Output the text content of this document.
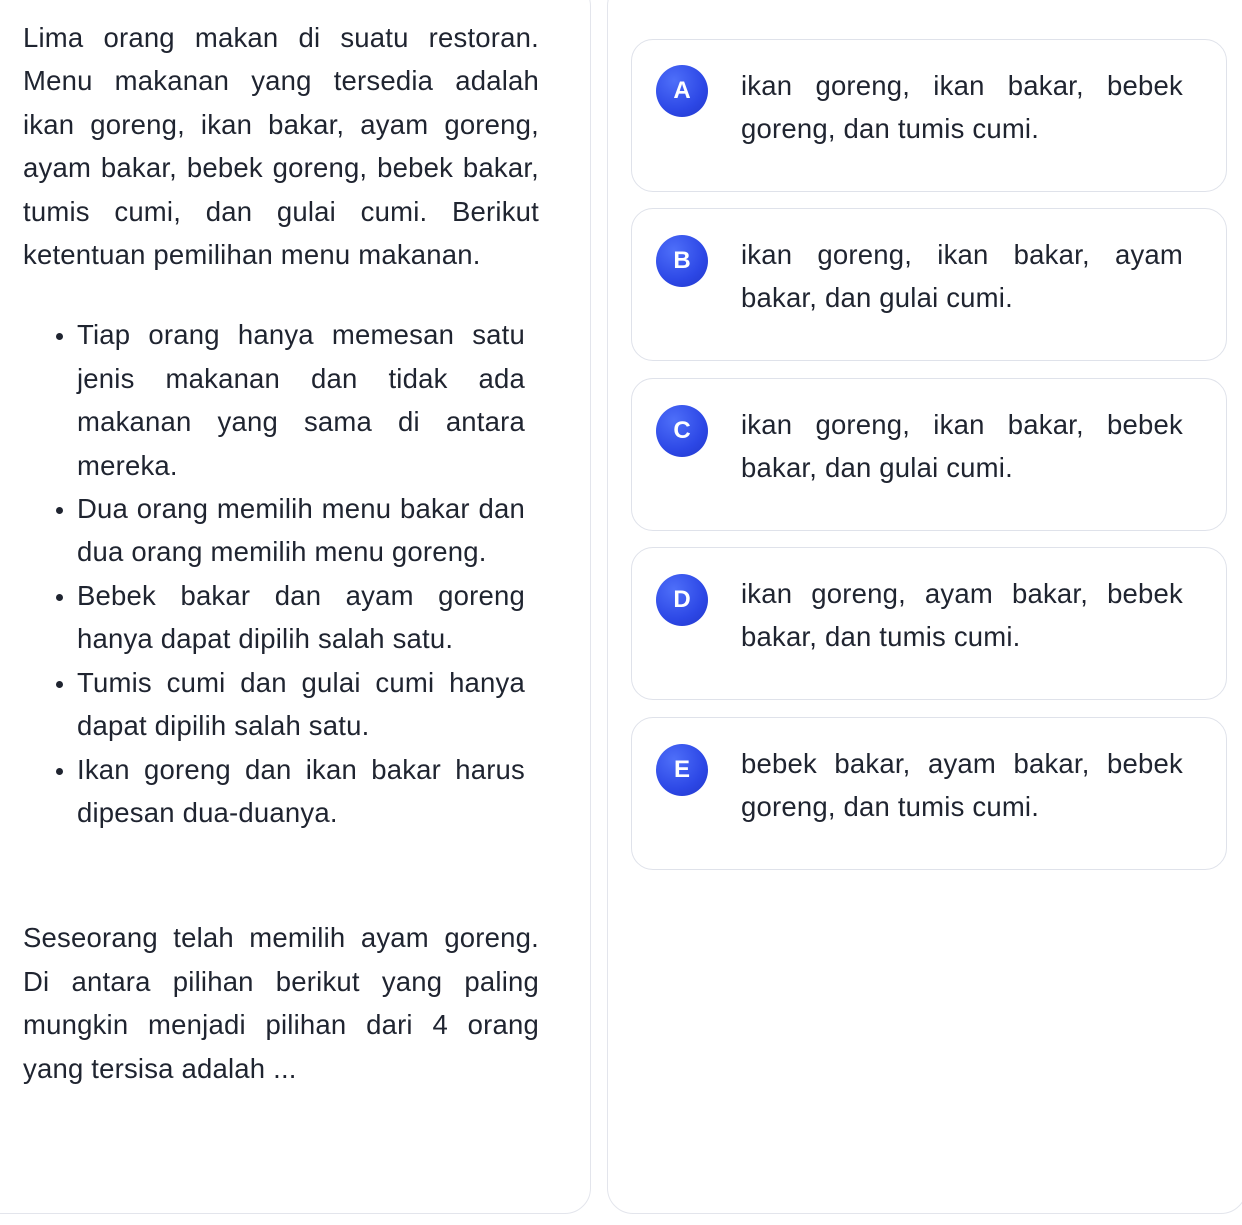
Lima orang makan di suatu restoran. Menu makanan yang tersedia adalah ikan goreng, ikan bakar, ayam goreng, ayam bakar, bebek goreng, bebek bakar, tumis cumi, dan gulai cumi. Berikut ketentuan pemilihan menu makanan.

• Tiap orang hanya memesan satu jenis makanan dan tidak ada makanan yang sama di antara mereka.
• Dua orang memilih menu bakar dan dua orang memilih menu goreng.
• Bebek bakar dan ayam goreng hanya dapat dipilih salah satu.
• Tumis cumi dan gulai cumi hanya dapat dipilih salah satu.
• Ikan goreng dan ikan bakar harus dipesan dua-duanya.

Seseorang telah memilih ayam goreng. Di antara pilihan berikut yang paling mungkin menjadi pilihan dari 4 orang yang tersisa adalah ...

A	ikan goreng, ikan bakar, bebek goreng, dan tumis cumi.
B	ikan goreng, ikan bakar, ayam bakar, dan gulai cumi.
C	ikan goreng, ikan bakar, bebek bakar, dan gulai cumi.
D	ikan goreng, ayam bakar, bebek bakar, dan tumis cumi.
E	bebek bakar, ayam bakar, bebek goreng, dan tumis cumi.
